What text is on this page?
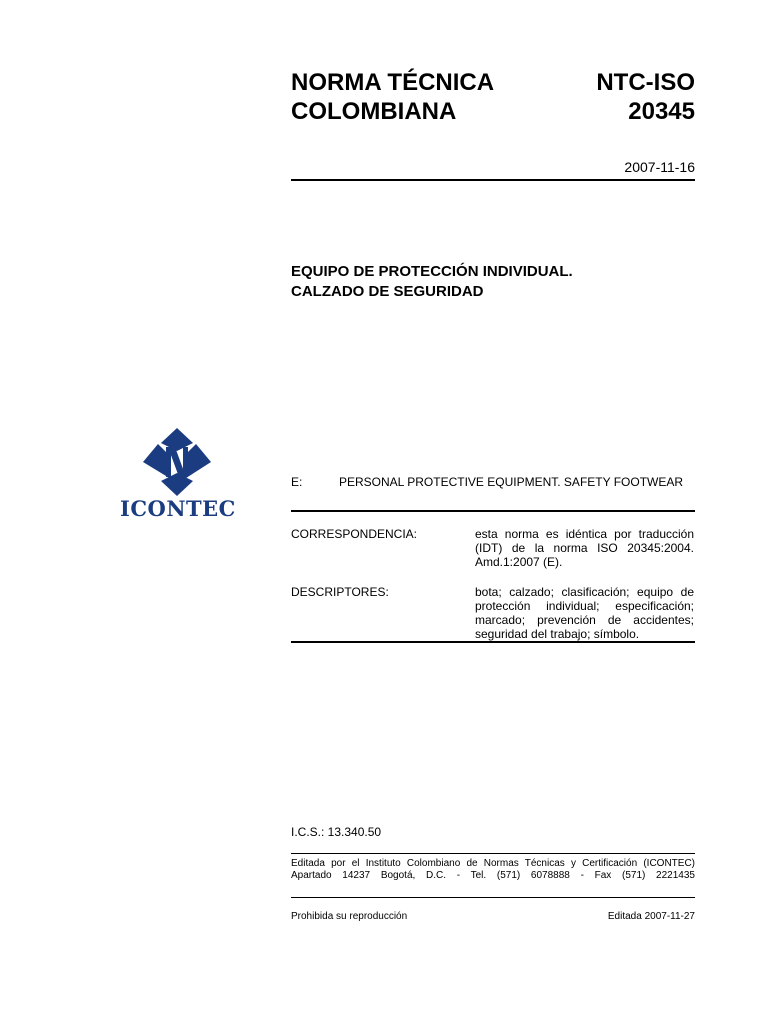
NORMA TÉCNICA
COLOMBIANA
NTC-ISO
20345
2007-11-16
EQUIPO DE PROTECCIÓN INDIVIDUAL.
CALZADO DE SEGURIDAD
ICONTEC
E:	PERSONAL PROTECTIVE EQUIPMENT. SAFETY FOOTWEAR
CORRESPONDENCIA:	esta norma es idéntica por traducción (IDT) de la norma ISO 20345:2004. Amd.1:2007 (E).
DESCRIPTORES:	bota; calzado; clasificación; equipo de protección individual; especificación; marcado; prevención de accidentes; seguridad del trabajo; símbolo.
I.C.S.: 13.340.50
Editada por el Instituto Colombiano de Normas Técnicas y Certificación (ICONTEC)
Apartado 14237 Bogotá, D.C. - Tel. (571) 6078888 - Fax (571) 2221435
Prohibida su reproducción	Editada 2007-11-27
